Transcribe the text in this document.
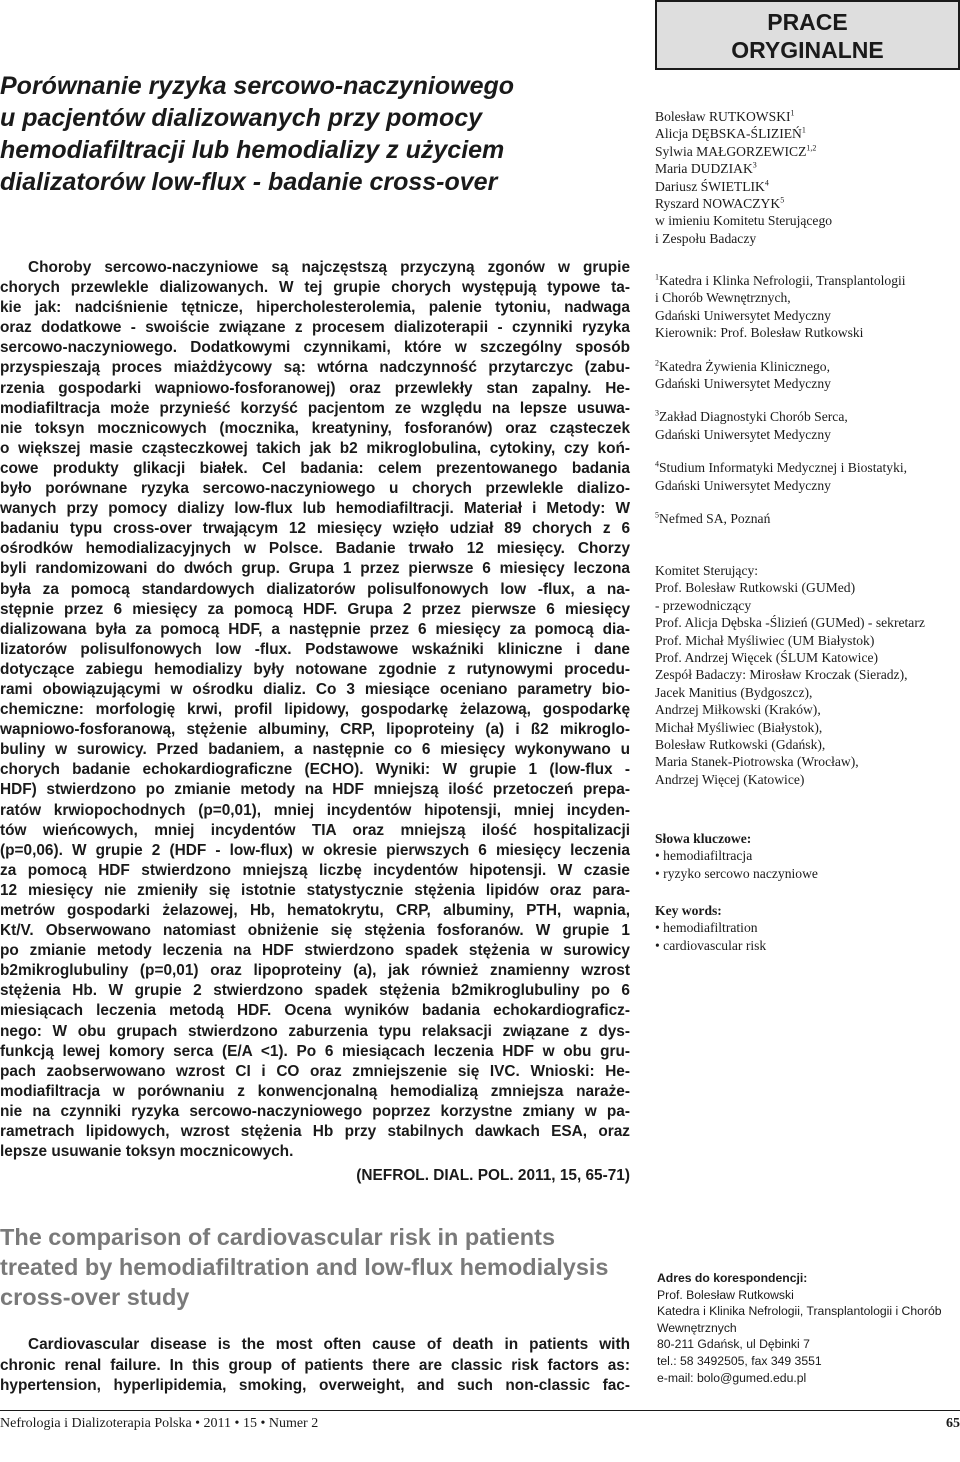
PRACE
ORYGINALNE
Porównanie ryzyka sercowo-naczyniowego
u pacjentów dializowanych przy pomocy
hemodiafiltracji lub hemodializy z użyciem
dializatorów low-flux - badanie cross-over
Choroby sercowo-naczyniowe są najczęstszą przyczyną zgonów w grupie
chorych przewlekle dializowanych. W tej grupie chorych występują typowe ta-
kie jak: nadciśnienie tętnicze, hipercholesterolemia, palenie tytoniu, nadwaga
oraz dodatkowe - swoiście związane z procesem dializoterapii - czynniki ryzyka
sercowo-naczyniowego. Dodatkowymi czynnikami, które w szczególny sposób
przyspieszają proces miażdżycowy są: wtórna nadczynność przytarczyc (zabu-
rzenia gospodarki wapniowo-fosforanowej) oraz przewlekły stan zapalny. He-
modiafiltracja może przynieść korzyść pacjentom ze względu na lepsze usuwa-
nie toksyn mocznicowych (mocznika, kreatyniny, fosforanów) oraz cząsteczek
o większej masie cząsteczkowej takich jak b2 mikroglobulina, cytokiny, czy koń-
cowe produkty glikacji białek. Cel badania: celem prezentowanego badania
było porównane ryzyka sercowo-naczyniowego u chorych przewlekle dializo-
wanych przy pomocy dializy low-flux lub hemodiafiltracji. Materiał i Metody: W
badaniu typu cross-over trwającym 12 miesięcy wzięło udział 89 chorych z 6
ośrodków hemodializacyjnych w Polsce. Badanie trwało 12 miesięcy. Chorzy
byli randomizowani do dwóch grup. Grupa 1 przez pierwsze 6 miesięcy leczona
była za pomocą standardowych dializatorów polisulfonowych low -flux, a na-
stępnie przez 6 miesięcy za pomocą HDF. Grupa 2 przez pierwsze 6 miesięcy
dializowana była za pomocą HDF, a następnie przez 6 miesięcy za pomocą dia-
lizatorów polisulfonowych low -flux. Podstawowe wskaźniki kliniczne i dane
dotyczące zabiegu hemodializy były notowane zgodnie z rutynowymi procedu-
rami obowiązującymi w ośrodku dializ. Co 3 miesiące oceniano parametry bio-
chemiczne: morfologię krwi, profil lipidowy, gospodarkę żelazową, gospodarkę
wapniowo-fosforanową, stężenie albuminy, CRP, lipoproteiny (a) i ß2 mikroglo-
buliny w surowicy. Przed badaniem, a następnie co 6 miesięcy wykonywano u
chorych badanie echokardiograficzne (ECHO). Wyniki: W grupie 1 (low-flux -
HDF) stwierdzono po zmianie metody na HDF mniejszą ilość przetoczeń prepa-
ratów krwiopochodnych (p=0,01), mniej incydentów hipotensji, mniej incyden-
tów wieńcowych, mniej incydentów TIA oraz mniejszą ilość hospitalizacji
(p=0,06). W grupie 2 (HDF - low-flux) w okresie pierwszych 6 miesięcy leczenia
za pomocą HDF stwierdzono mniejszą liczbę incydentów hipotensji. W czasie
12 miesięcy nie zmieniły się istotnie statystycznie stężenia lipidów oraz para-
metrów gospodarki żelazowej, Hb, hematokrytu, CRP, albuminy, PTH, wapnia,
Kt/V. Obserwowano natomiast obniżenie się stężenia fosforanów. W grupie 1
po zmianie metody leczenia na HDF stwierdzono spadek stężenia w surowicy
b2mikroglubuliny (p=0,01) oraz lipoproteiny (a), jak również znamienny wzrost
stężenia Hb. W grupie 2 stwierdzono spadek stężenia b2mikroglubuliny po 6
miesiącach leczenia metodą HDF. Ocena wyników badania echokardiograficz-
nego: W obu grupach stwierdzono zaburzenia typu relaksacji związane z dys-
funkcją lewej komory serca (E/A <1). Po 6 miesiącach leczenia HDF w obu gru-
pach zaobserwowano wzrost CI i CO oraz zmniejszenie się IVC. Wnioski: He-
modiafiltracja w porównaniu z konwencjonalną hemodializą zmniejsza naraże-
nie na czynniki ryzyka sercowo-naczyniowego poprzez korzystne zmiany w pa-
rametrach lipidowych, wzrost stężenia Hb przy stabilnych dawkach ESA, oraz
lepsze usuwanie toksyn mocznicowych.
(NEFROL. DIAL. POL. 2011, 15, 65-71)
Bolesław RUTKOWSKI$^1$
Alicja DĘBSKA-ŚLIZIEŃ$^1$
Sylwia MAŁGORZEWICZ$^{1,2}$
Maria DUDZIAK$^3$
Dariusz ŚWIETLIK$^4$
Ryszard NOWACZYK$^5$
w imieniu Komitetu Sterującego
i Zespołu Badaczy
$^1$Katedra i Klinka Nefrologii, Transplantologii
i Chorób Wewnętrznych,
Gdański Uniwersytet Medyczny
Kierownik: Prof. Bolesław Rutkowski
$^2$Katedra Żywienia Klinicznego,
Gdański Uniwersytet Medyczny
$^3$Zakład Diagnostyki Chorób Serca,
Gdański Uniwersytet Medyczny
$^4$Studium Informatyki Medycznej i Biostatyki,
Gdański Uniwersytet Medyczny
$^5$Nefmed SA, Poznań
Komitet Sterujący:
Prof. Bolesław Rutkowski (GUMed)
- przewodniczący
Prof. Alicja Dębska -Ślizień (GUMed) - sekretarz
Prof. Michał Myśliwiec (UM Białystok)
Prof. Andrzej Więcek (ŚLUM Katowice)
Zespół Badaczy: Mirosław Kroczak (Sieradz),
Jacek Manitius (Bydgoszcz),
Andrzej Miłkowski (Kraków),
Michał Myśliwiec (Białystok),
Bolesław Rutkowski (Gdańsk),
Maria Stanek-Piotrowska (Wrocław),
Andrzej Więcej (Katowice)
Słowa kluczowe:
• hemodiafiltracja
• ryzyko sercowo naczyniowe
Key words:
• hemodiafiltration
• cardiovascular risk
The comparison of cardiovascular risk in patients
treated by hemodiafiltration and low-flux hemodialysis
cross-over study
Cardiovascular disease is the most often cause of death in patients with
chronic renal failure. In this group of patients there are classic risk factors as:
hypertension, hyperlipidemia, smoking, overweight, and such non-classic fac-
Adres do korespondencji:
Prof. Bolesław Rutkowski
Katedra i Klinika Nefrologii, Transplantologii i Chorób
Wewnętrznych
80-211 Gdańsk, ul Dębinki 7
tel.: 58 3492505, fax 349 3551
e-mail: bolo@gumed.edu.pl
Nefrologia i Dializoterapia Polska • 2011 • 15 • Numer 2	65
